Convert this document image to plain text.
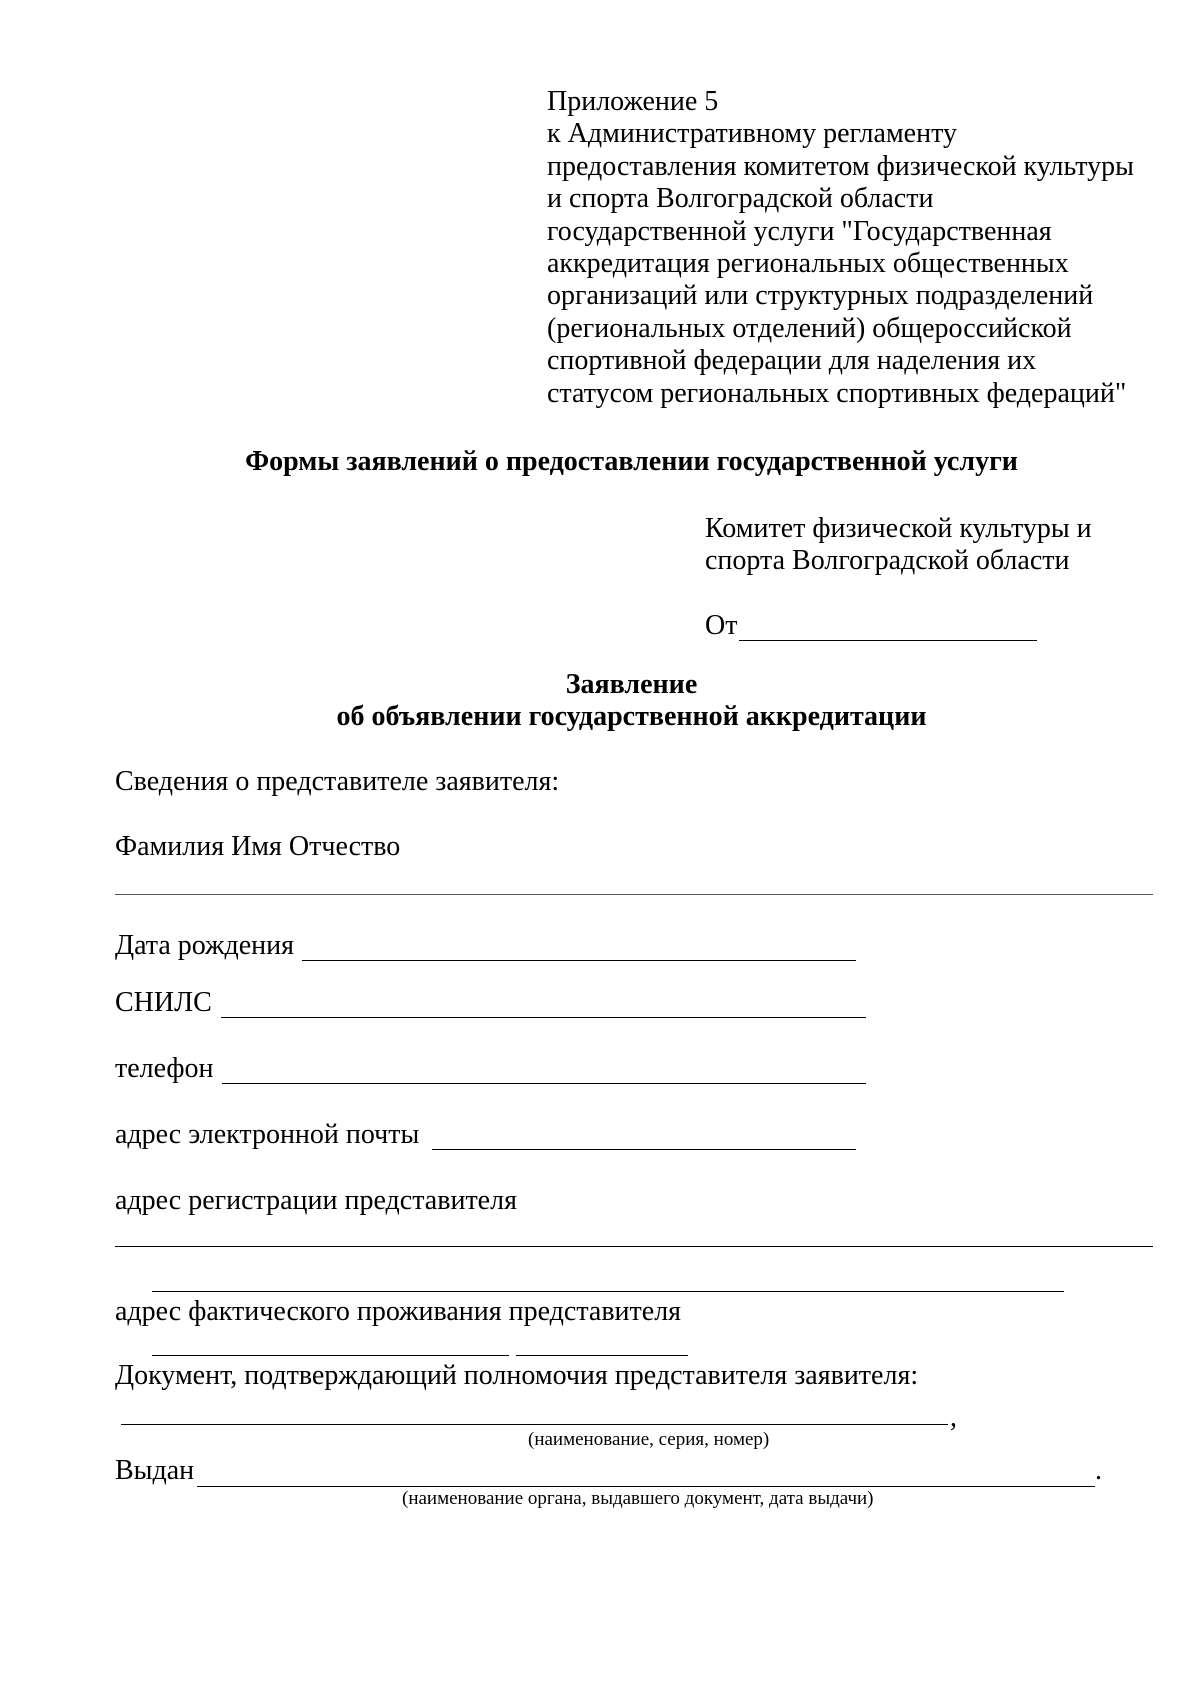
Приложение 5
к Административному регламенту
предоставления комитетом физической культуры
и спорта Волгоградской области
государственной услуги "Государственная
аккредитация региональных общественных
организаций или структурных подразделений
(региональных отделений) общероссийской
спортивной федерации для наделения их
статусом региональных спортивных федераций"
Формы заявлений о предоставлении государственной услуги
Комитет физической культуры и
спорта Волгоградской области
От
Заявление
об объявлении государственной аккредитации
Сведения о представителе заявителя:
Фамилия Имя Отчество
Дата рождения
СНИЛС
телефон
адрес электронной почты
адрес регистрации представителя
адрес фактического проживания представителя
Документ, подтверждающий полномочия представителя заявителя:
,
(наименование, серия, номер)
Выдан	.
(наименование органа, выдавшего документ, дата выдачи)
